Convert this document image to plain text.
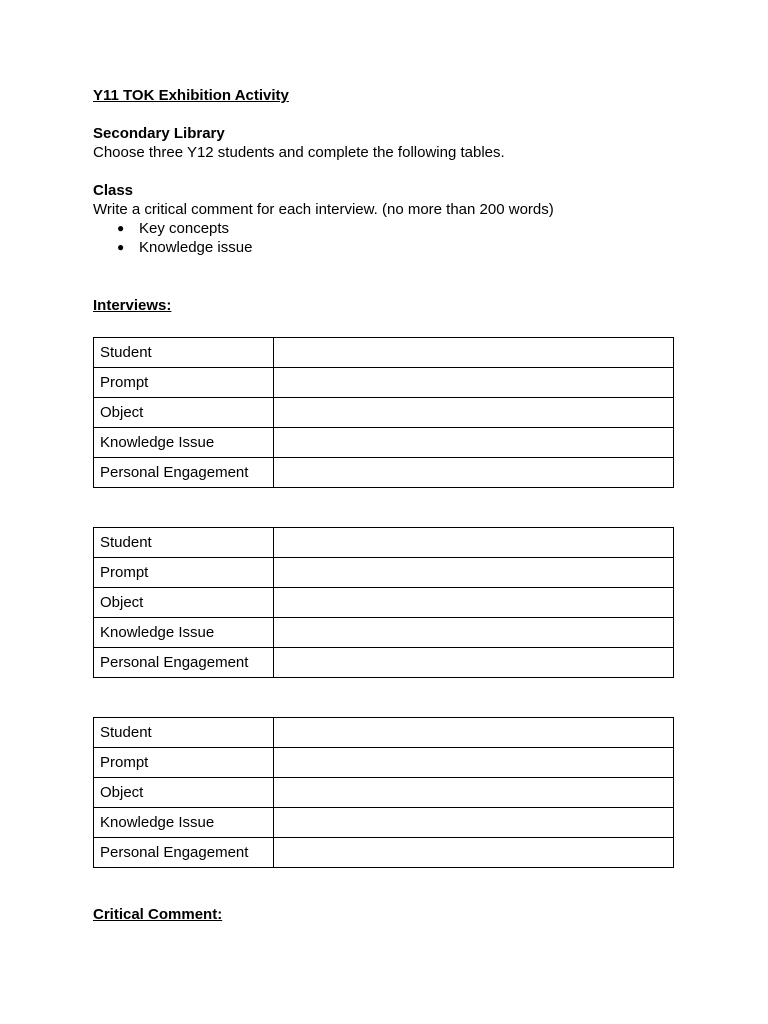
Y11 TOK Exhibition Activity

Secondary Library

Choose three Y12 students and complete the following tables.

Class

Write a critical comment for each interview. (no more than 200 words)

● Key concepts
● Knowledge issue

Interviews:

Student	
Prompt	
Object	
Knowledge Issue	
Personal Engagement	
Student	
Prompt	
Object	
Knowledge Issue	
Personal Engagement	
Student	
Prompt	
Object	
Knowledge Issue	
Personal Engagement	

Critical Comment:
